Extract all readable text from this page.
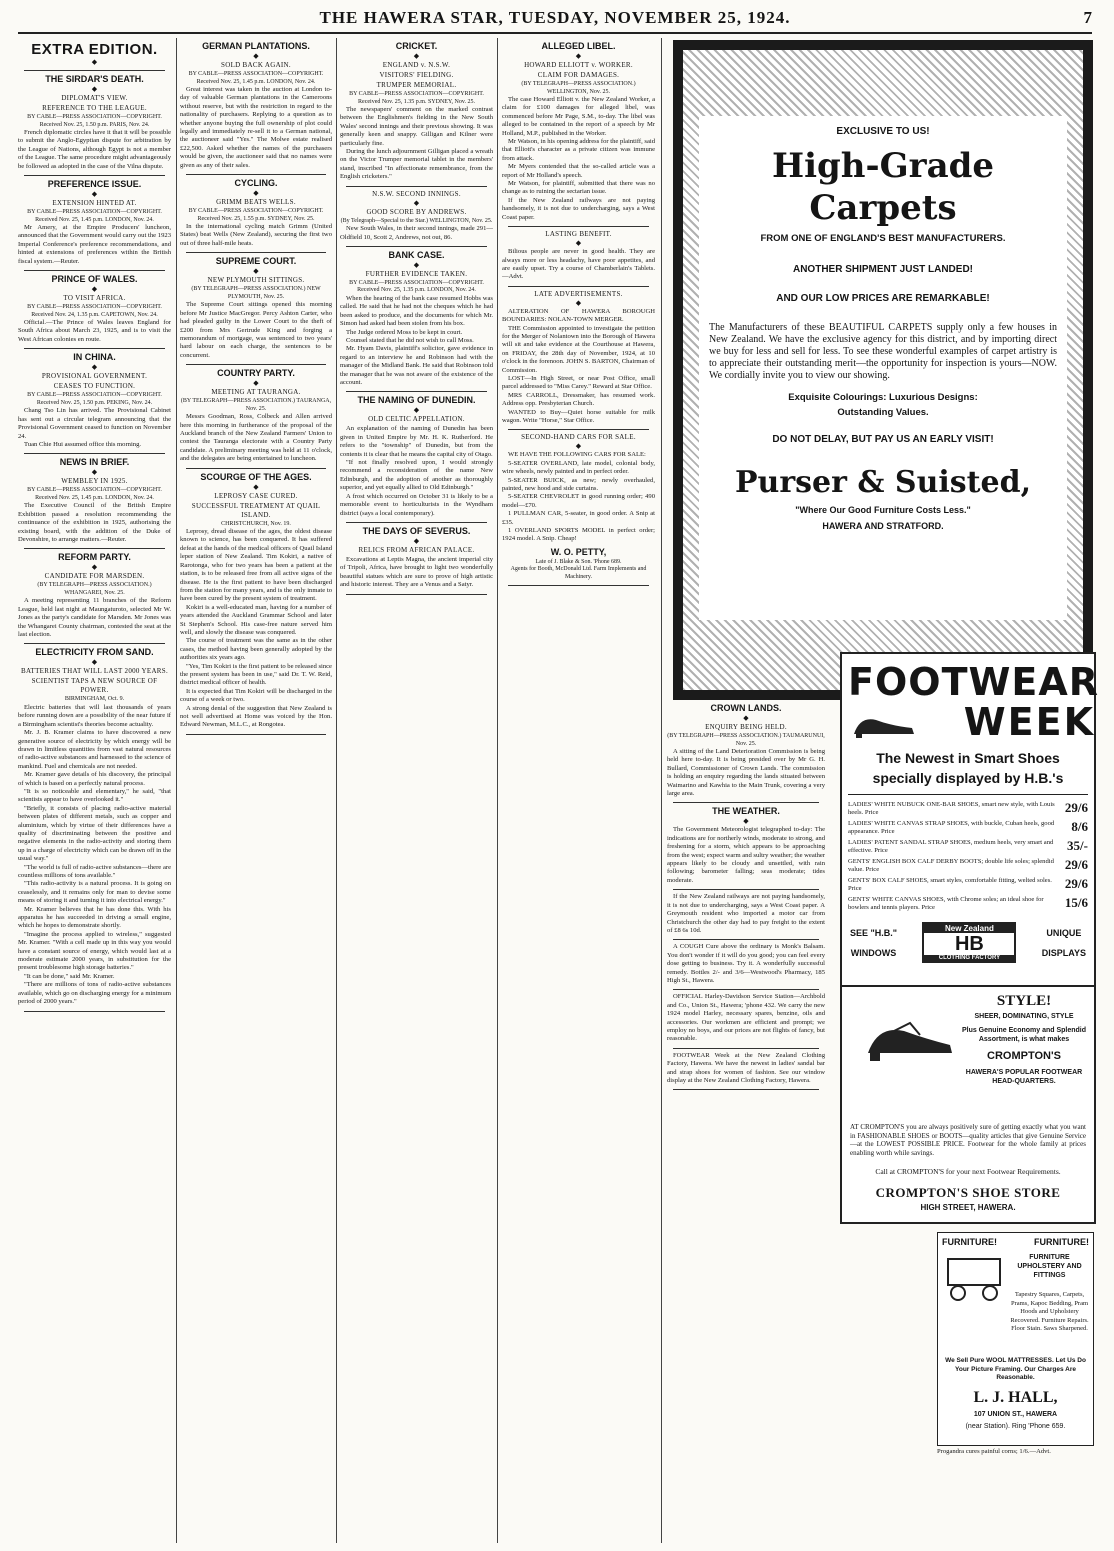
THE HAWERA STAR, TUESDAY, NOVEMBER 25, 1924.	7
EXTRA EDITION.
◆
THE SIRDAR'S DEATH.
◆
DIPLOMAT'S VIEW.
REFERENCE TO THE LEAGUE.
BY CABLE—PRESS ASSOCIATION—COPYRIGHT. Received Nov. 25, 1.50 p.m. PARIS, Nov. 24.

French diplomatic circles have it that it will be possible to submit the Anglo-Egyptian dispute for arbitration by the League of Nations, although Egypt is not a member of the League. The same procedure might advantageously be followed as adopted in the case of the Vilna dispute.

PREFERENCE ISSUE.
◆
EXTENSION HINTED AT.
BY CABLE—PRESS ASSOCIATION—COPYRIGHT. Received Nov. 25, 1.45 p.m. LONDON, Nov. 24.

Mr Amery, at the Empire Producers' luncheon, announced that the Government would carry out the 1923 Imperial Conference's preference recommendations, and hinted at extensions of preferences within the British fiscal system.—Reuter.

PRINCE OF WALES.
◆
TO VISIT AFRICA.
BY CABLE—PRESS ASSOCIATION—COPYRIGHT. Received Nov. 24, 1.35 p.m. CAPETOWN, Nov. 24.

Official.—The Prince of Wales leaves England for South Africa about March 23, 1925, and is to visit the West African colonies en route.

IN CHINA.
◆
PROVISIONAL GOVERNMENT.
CEASES TO FUNCTION.
BY CABLE—PRESS ASSOCIATION—COPYRIGHT. Received Nov. 25, 1.50 p.m. PEKING, Nov. 24.

Chang Tso Lin has arrived. The Provisional Cabinet has sent out a circular telegram announcing that the Provisional Government ceased to function on November 24.

Tuan Chie Hui assumed office this morning.

NEWS IN BRIEF.
◆
WEMBLEY IN 1925.
BY CABLE—PRESS ASSOCIATION—COPYRIGHT. Received Nov. 25, 1.45 p.m. LONDON, Nov. 24.

The Executive Council of the British Empire Exhibition passed a resolution recommending the continuance of the exhibition in 1925, authorising the existing board, with the addition of the Duke of Devonshire, to arrange matters.—Reuter.

REFORM PARTY.
◆
CANDIDATE FOR MARSDEN.
(BY TELEGRAPH—PRESS ASSOCIATION.) WHANGAREI, Nov. 25.

A meeting representing 11 branches of the Reform League, held last night at Maungaturoto, selected Mr W. Jones as the party's candidate for Marsden. Mr Jones was the Whangarei County chairman, contested the seat at the last election.

ELECTRICITY FROM SAND.
◆
BATTERIES THAT WILL LAST 2000 YEARS.
SCIENTIST TAPS A NEW SOURCE OF POWER.
BIRMINGHAM, Oct. 9.

Electric batteries that will last thousands of years before running down are a possibility of the near future if a Birmingham scientist's theories become actuality.

Mr. J. B. Kramer claims to have discovered a new generative source of electricity by which energy will be drawn in limitless quantities from vast natural resources of radio-active substances and harnessed to the science of mankind. Fuel and chemicals are not needed.

Mr. Kramer gave details of his discovery, the principal of which is based on a perfectly natural process.

"It is so noticeable and elementary," he said, "that scientists appear to have overlooked it."

"Briefly, it consists of placing radio-active material between plates of different metals, such as copper and aluminium, which by virtue of their differences have a quality of discriminating between the positive and negative elements in the radio-activity and storing them up in a charge of electricity which can be drawn off in the usual way."

"The world is full of radio-active substances—there are countless millions of tons available."

"This radio-activity is a natural process. It is going on ceaselessly, and it remains only for man to devise some means of storing it and turning it into electrical energy."

Mr. Kramer believes that he has done this. With his apparatus he has succeeded in driving a small engine, which he hopes to demonstrate shortly.

"Imagine the process applied to wireless," suggested Mr. Kramer. "With a cell made up in this way you would have a constant source of energy, which would last at a moderate estimate 2000 years, in substitution for the present troublesome high storage batteries."

"It can be done," said Mr. Kramer.

"There are millions of tons of radio-active substances available, which go on discharging energy for a minimum period of 2000 years."

GERMAN PLANTATIONS.
◆
SOLD BACK AGAIN.
BY CABLE—PRESS ASSOCIATION—COPYRIGHT. Received Nov. 25, 1.45 p.m. LONDON, Nov. 24.

Great interest was taken in the auction at London to-day of valuable German plantations in the Cameroons without reserve, but with the restriction in regard to the nationality of purchasers. Replying to a question as to whether anyone buying the full ownership of plot could legally and immediately re-sell it to a German national, the auctioneer said "Yes." The Molwe estate realised £22,500. Asked whether the names of the purchasers would be given, the auctioneer said that no names were given as any of their sales.

CYCLING.
◆
GRIMM BEATS WELLS.
BY CABLE—PRESS ASSOCIATION—COPYRIGHT. Received Nov. 25, 1.55 p.m. SYDNEY, Nov. 25.

In the international cycling match Grimm (United States) beat Wells (New Zealand), securing the first two out of three half-mile heats.

SUPREME COURT.
◆
NEW PLYMOUTH SITTINGS.
(BY TELEGRAPH—PRESS ASSOCIATION.) NEW PLYMOUTH, Nov. 25.

The Supreme Court sittings opened this morning before Mr Justice MacGregor. Percy Ashton Carter, who had pleaded guilty in the Lower Court to the theft of £200 from Mrs Gertrude King and forging a memorandum of mortgage, was sentenced to two years' hard labour on each charge, the sentences to be concurrent.

COUNTRY PARTY.
◆
MEETING AT TAURANGA.
(BY TELEGRAPH—PRESS ASSOCIATION.) TAURANGA, Nov. 25.

Messrs Goodman, Ross, Colbeck and Allen arrived here this morning in furtherance of the proposal of the Auckland branch of the New Zealand Farmers' Union to contest the Tauranga electorate with a Country Party candidate. A preliminary meeting was held at 11 o'clock, and the delegates are being entertained to luncheon.

SCOURGE OF THE AGES.
◆
LEPROSY CASE CURED.
SUCCESSFUL TREATMENT AT QUAIL ISLAND.
CHRISTCHURCH, Nov. 19.

Leprosy, dread disease of the ages, the oldest disease known to science, has been conquered. It has suffered defeat at the hands of the medical officers of Quail Island leper station of New Zealand. Tim Kokiri, a native of Rarotonga, who for two years has been a patient at the station, is to be released free from all active signs of the disease. He is the first patient to have been discharged from the station for many years, and is the only inmate to have been cured by the present system of treatment.

Kokiri is a well-educated man, having for a number of years attended the Auckland Grammar School and later St Stephen's School. His case-free nature served him well, and slowly the disease was conquered.

The course of treatment was the same as in the other cases, the method having been generally adopted by the authorities six years ago.

"Yes, Tim Kokiri is the first patient to be released since the present system has been in use," said Dr. T. W. Reid, district medical officer of health.

It is expected that Tim Kokiri will be discharged in the course of a week or two.

A strong denial of the suggestion that New Zealand is not well advertised at Home was voiced by the Hon. Edward Newman, M.L.C., at Rongotea.

CRICKET.
◆
ENGLAND v. N.S.W.
VISITORS' FIELDING.
TRUMPER MEMORIAL.
BY CABLE—PRESS ASSOCIATION—COPYRIGHT. Received Nov. 25, 1.35 p.m. SYDNEY, Nov. 25.

The newspapers' comment on the marked contrast between the Englishmen's fielding in the New South Wales' second innings and their previous showing. It was generally keen and snappy. Gilligan and Kilner were particularly fine.

During the lunch adjournment Gilligan placed a wreath on the Victor Trumper memorial tablet in the members' stand, inscribed "In affectionate remembrance, from the English cricketers."

N.S.W. SECOND INNINGS.
◆
GOOD SCORE BY ANDREWS.
(By Telegraph—Special to the Star.) WELLINGTON, Nov. 25.

New South Wales, in their second innings, made 291—Oldfield 10, Scott 2, Andrews, not out, 86.

BANK CASE.
◆
FURTHER EVIDENCE TAKEN.
BY CABLE—PRESS ASSOCIATION—COPYRIGHT. Received Nov. 25, 1.35 p.m. LONDON, Nov. 24.

When the hearing of the bank case resumed Hobbs was called. He said that he had not the cheques which he had been asked to produce, and the documents for which Mr. Simon had asked had been stolen from his box.

The Judge ordered Moss to be kept in court.

Counsel stated that he did not wish to call Moss.

Mr. Hyam Davis, plaintiff's solicitor, gave evidence in regard to an interview he and Robinson had with the manager of the Midland Bank. He said that Robinson told the manager that he was not aware of the existence of the account.

THE NAMING OF DUNEDIN.
◆
OLD CELTIC APPELLATION.

An explanation of the naming of Dunedin has been given in United Empire by Mr. H. K. Rutherford. He refers to the "township" of Dunedin, but from the contents it is clear that he means the capital city of Otago.

"If not finally resolved upon, I would strongly recommend a reconsideration of the name New Edinburgh, and the adoption of another as thoroughly superior, and yet equally allied to Old Edinburgh."

A frost which occurred on October 31 is likely to be a memorable event to horticulturists in the Wyndham district (says a local contemporary).

THE DAYS OF SEVERUS.
◆
RELICS FROM AFRICAN PALACE.

Excavations at Leptis Magna, the ancient imperial city of Tripoli, Africa, have brought to light two wonderfully beautiful statues which are sure to prove of high artistic and historic interest. They are a Venus and a Satyr.

ALLEGED LIBEL.
◆
HOWARD ELLIOTT v. WORKER.
CLAIM FOR DAMAGES.
(BY TELEGRAPH—PRESS ASSOCIATION.) WELLINGTON, Nov. 25.

The case Howard Elliott v. the New Zealand Worker, a claim for £100 damages for alleged libel, was commenced before Mr Page, S.M., to-day. The libel was alleged to be contained in the report of a speech by Mr Holland, M.P., published in the Worker.

Mr Watson, in his opening address for the plaintiff, said that Elliott's character as a private citizen was immune from attack.

Mr Myers contended that the so-called article was a report of Mr Holland's speech.

Mr Watson, for plaintiff, submitted that there was no change as to ruining the sectarian issue.

If the New Zealand railways are not paying handsomely, it is not due to undercharging, says a West Coast paper.

LASTING BENEFIT.
◆

Bilious people are never in good health. They are always more or less headachy, have poor appetites, and are easily upset. Try a course of Chamberlain's Tablets. —Advt.

LATE ADVERTISEMENTS.
◆

ALTERATION OF HAWERA BOROUGH BOUNDARIES: NOLAN-TOWN MERGER.

THE Commission appointed to investigate the petition for the Merger of Nolantown into the Borough of Hawera will sit and take evidence at the Courthouse at Hawera, on FRIDAY, the 28th day of November, 1924, at 10 o'clock in the forenoon. JOHN S. BARTON, Chairman of Commission.

LOST—In High Street, or near Post Office, small parcel addressed to "Miss Carey." Reward at Star Office.

MRS CARROLL, Dressmaker, has resumed work. Address opp. Presbyterian Church.

WANTED to Buy—Quiet horse suitable for milk wagon. Write "Horse," Star Office.

SECOND-HAND CARS FOR SALE.
◆

WE HAVE THE FOLLOWING CARS FOR SALE:

5-SEATER OVERLAND, late model, colonial body, wire wheels, newly painted and in perfect order.

5-SEATER BUICK, as new; newly overhauled, painted, new hood and side curtains.

5-SEATER CHEVROLET in good running order; 490 model—£70.

1 PULLMAN CAR, 5-seater, in good order. A Snip at £35.

1 OVERLAND SPORTS MODEL in perfect order; 1924 model. A Snip. Cheap!

W. O. PETTY,
Late of J. Blake & Son. 'Phone 689.
Agents for Booth, McDonald Ltd. Farm Implements and Machinery.
CROWN LANDS.
◆
ENQUIRY BEING HELD.
(BY TELEGRAPH—PRESS ASSOCIATION.) TAUMARUNUI, Nov. 25.

A sitting of the Land Deterioration Commission is being held here to-day. It is being presided over by Mr G. H. Bullard, Commissioner of Crown Lands. The commission is holding an enquiry regarding the lands situated between Waimarino and Kawhia to the Main Trunk, covering a very large area.

THE WEATHER.
◆

The Government Meteorologist telegraphed to-day: The indications are for northerly winds, moderate to strong, and freshening for a storm, which appears to be approaching from the west; expect warm and sultry weather; the weather appears likely to be cloudy and unsettled, with rain following; barometer falling; seas moderate; tides moderate.

If the New Zealand railways are not paying handsomely, it is not due to undercharging, says a West Coast paper. A Greymouth resident who imported a motor car from Christchurch the other day had to pay freight to the extent of £8 6s 10d.

A COUGH Cure above the ordinary is Monk's Balsam. You don't wonder if it will do you good; you can feel every dose getting to business. Try it. A wonderfully successful remedy. Bottles 2/- and 3/6—Westwood's Pharmacy, 185 High St., Hawera.

OFFICIAL Harley-Davidson Service Station—Archbold and Co., Union St., Hawera; 'phone 432. We carry the new 1924 model Harley, necessary spares, benzine, oils and accessories. Our workmen are efficient and prompt; we employ no boys, and our prices are not flights of fancy, but reasonable.

FOOTWEAR Week at the New Zealand Clothing Factory, Hawera. We have the newest in ladies' sandal bar and strap shoes for women of fashion. See our window display at the New Zealand Clothing Factory, Hawera.

EXCLUSIVE TO US!
High-Grade Carpets
FROM ONE OF ENGLAND'S BEST MANUFACTURERS.
ANOTHER SHIPMENT JUST LANDED!
AND OUR LOW PRICES ARE REMARKABLE!
The Manufacturers of these BEAUTIFUL CARPETS supply only a few houses in New Zealand. We have the exclusive agency for this district, and by importing direct we buy for less and sell for less. To see these wonderful examples of carpet artistry is to appreciate their outstanding merit—the opportunity for inspection is yours—NOW. We cordially invite you to view our showing.
Exquisite Colourings: Luxurious Designs:
Outstanding Values.
DO NOT DELAY, BUT PAY US AN EARLY VISIT!
Purser & Suisted,
"Where Our Good Furniture Costs Less."
HAWERA AND STRATFORD.
FOOTWEAR
WEEK
The Newest in Smart Shoes
specially displayed by H.B.'s
LADIES' WHITE NUBUCK ONE-BAR SHOES, smart new style, with Louis heels. Price	29/6
LADIES' WHITE CANVAS STRAP SHOES, with buckle, Cuban heels, good appearance. Price	8/6
LADIES' PATENT SANDAL STRAP SHOES, medium heels, very smart and effective. Price	35/-
GENTS' ENGLISH BOX CALF DERBY BOOTS; double life soles; splendid value. Price	29/6
GENTS' BOX CALF SHOES, smart styles, comfortable fitting, welted soles. Price	29/6
GENTS' WHITE CANVAS SHOES, with Chrome soles; an ideal shoe for bowlers and tennis players. Price	15/6
SEE "H.B."
WINDOWS
New Zealand
HB
CLOTHING FACTORY
UNIQUE
DISPLAYS
STYLE!
SHEER, DOMINATING, STYLE
Plus Genuine Economy and Splendid Assortment, is what makes
CROMPTON'S
HAWERA'S POPULAR FOOTWEAR HEAD-QUARTERS.
AT CROMPTON'S you are always positively sure of getting exactly what you want in FASHIONABLE SHOES or BOOTS—quality articles that give Genuine Service—at the LOWEST POSSIBLE PRICE. Footwear for the whole family at prices enabling worth while savings.
Call at CROMPTON'S for your next Footwear Requirements.
CROMPTON'S SHOE STORE
HIGH STREET, HAWERA.
FURNITURE!	FURNITURE!
FURNITURE UPHOLSTERY AND FITTINGS
Tapestry Squares, Carpets, Prams, Kapoc Bedding, Pram Hoods and Upholstery Recovered. Furniture Repairs. Floor Stain. Saws Sharpened.
We Sell Pure WOOL MATTRESSES. Let Us Do Your Picture Framing. Our Charges Are Reasonable.
L. J. HALL,
107 UNION ST., HAWERA
(near Station). Ring 'Phone 659.
Progandra cures painful corns; 1/6.—Advt.
